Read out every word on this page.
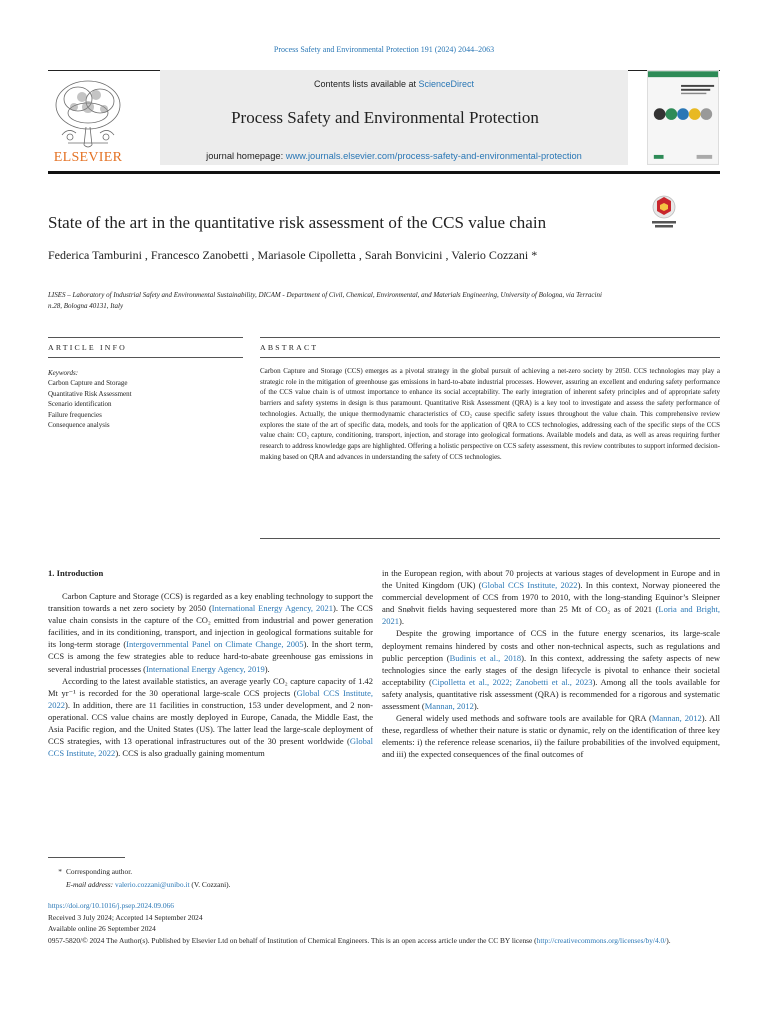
Process Safety and Environmental Protection 191 (2024) 2044–2063
ELSEVIER
Contents lists available at ScienceDirect
Process Safety and Environmental Protection
journal homepage: www.journals.elsevier.com/process-safety-and-environmental-protection
State of the art in the quantitative risk assessment of the CCS value chain
Federica Tamburini , Francesco Zanobetti , Mariasole Cipolletta , Sarah Bonvicini , Valerio Cozzani *
LISES – Laboratory of Industrial Safety and Environmental Sustainability, DICAM - Department of Civil, Chemical, Environmental, and Materials Engineering, University of Bologna, via Terracini n.28, Bologna 40131, Italy
ARTICLE INFO	ABSTRACT
Keywords:
Carbon Capture and Storage
Quantitative Risk Assessment
Scenario identification
Failure frequencies
Consequence analysis
Carbon Capture and Storage (CCS) emerges as a pivotal strategy in the global pursuit of achieving a net-zero society by 2050. CCS technologies may play a strategic role in the mitigation of greenhouse gas emissions in hard-to-abate industrial processes. However, assuring an excellent and enduring safety performance of the CCS value chain is of utmost importance to enhance its social acceptability. The early integration of inherent safety principles and of appropriate safety barriers and safety systems in design is thus paramount. Quantitative Risk Assessment (QRA) is a key tool to investigate and assess the safety performance of technologies. Actually, the unique thermodynamic characteristics of CO₂ cause specific safety issues throughout the value chain. This comprehensive review explores the state of the art of specific data, models, and tools for the application of QRA to CCS technologies, addressing each of the specific steps of the CCS value chain: CO₂ capture, conditioning, transport, injection, and storage into geological formations. Available models and data, as well as areas requiring further research to address knowledge gaps are highlighted. Offering a holistic perspective on CCS safety assessment, this review contributes to support informed decision-making based on QRA and advances in understanding the safety of CCS technologies.
1. Introduction

Carbon Capture and Storage (CCS) is regarded as a key enabling technology to support the transition towards a net zero society by 2050 (International Energy Agency, 2021). The CCS value chain consists in the capture of the CO₂ emitted from industrial and power generation facilities, and in its conditioning, transport, and injection in geological formations suitable for its long-term storage (Intergovernmental Panel on Climate Change, 2005). In the short term, CCS is among the few strategies able to reduce hard-to-abate greenhouse gas emissions in several industrial processes (International Energy Agency, 2019).

According to the latest available statistics, an average yearly CO₂ capture capacity of 1.42 Mt yr⁻¹ is recorded for the 30 operational large-scale CCS projects (Global CCS Institute, 2022). In addition, there are 11 facilities in construction, 153 under development, and 2 non-operational. CCS value chains are mostly deployed in Europe, Canada, the Middle East, the Asia Pacific region, and the United States (US). The latter lead the large-scale deployment of CCS strategies, with 13 operational infrastructures out of the 30 present worldwide (Global CCS Institute, 2022). CCS is also gradually gaining momentum

in the European region, with about 70 projects at various stages of development in Europe and in the United Kingdom (UK) (Global CCS Institute, 2022). In this context, Norway pioneered the commercial development of CCS from 1970 to 2010, with the long-standing Equinor’s Sleipner and Snøhvit fields having sequestered more than 25 Mt of CO₂ as of 2021 (Loria and Bright, 2021).

Despite the growing importance of CCS in the future energy scenarios, its large-scale deployment remains hindered by costs and other non-technical aspects, such as regulations and public perception (Budinis et al., 2018). In this context, addressing the safety aspects of new technologies since the early stages of the design lifecycle is pivotal to enhance their societal acceptability (Cipolletta et al., 2022; Zanobetti et al., 2023). Among all the tools available for safety analysis, quantitative risk assessment (QRA) is recommended for a rigorous and systematic assessment (Mannan, 2012).

General widely used methods and software tools are available for QRA (Mannan, 2012). All these, regardless of whether their nature is static or dynamic, rely on the identification of three key elements: i) the reference release scenarios, ii) the failure probabilities of the involved equipment, and iii) the expected consequences of the final outcomes of

* Corresponding author.
E-mail address: valerio.cozzani@unibo.it (V. Cozzani).
https://doi.org/10.1016/j.psep.2024.09.066
Received 3 July 2024; Accepted 14 September 2024
Available online 26 September 2024
0957-5820/© 2024 The Author(s). Published by Elsevier Ltd on behalf of Institution of Chemical Engineers. This is an open access article under the CC BY license (http://creativecommons.org/licenses/by/4.0/).
